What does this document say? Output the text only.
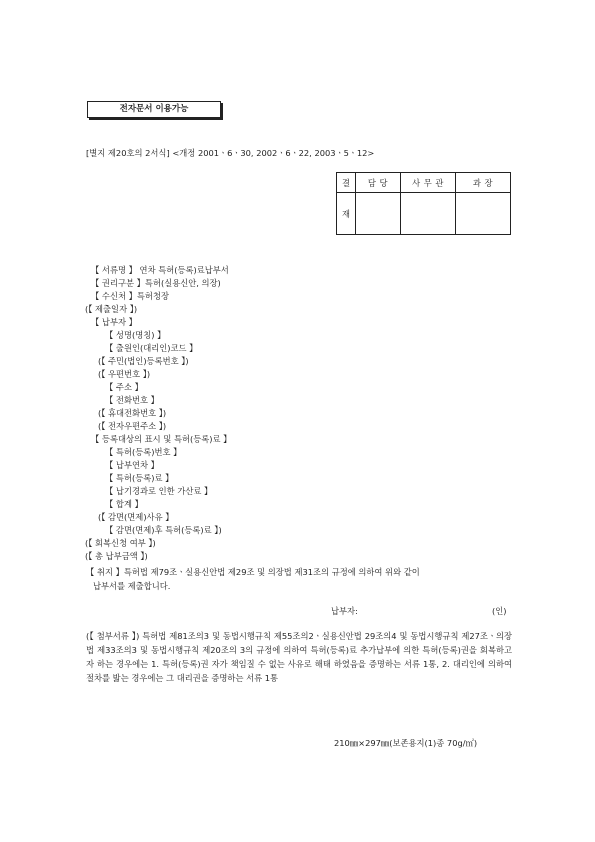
전자문서 이용가능
[별지 제20호의 2서식] <개정 2001ㆍ6ㆍ30, 2002ㆍ6ㆍ22, 2003ㆍ5ㆍ12>
결	담 당	사 무 관	과 장
재			
【 서류명 】 연차 특허(등록)료납부서
【 권리구분 】특허(실용신안, 의장)
【 수신처 】특허청장
(【 제출일자 】)
【 납부자 】
【 성명(명칭) 】
【 출원인(대리인)코드 】
(【 주민(법인)등록번호 】)
(【 우편번호 】)
【 주소 】
【 전화번호 】
(【 휴대전화번호 】)
(【 전자우편주소 】)
【 등록대상의 표시 및 특허(등록)료 】
【 특허(등록)번호 】
【 납부연차 】
【 특허(등록)료 】
【 납기경과로 인한 가산료 】
【 합계 】
(【 감면(면제)사유 】
【 감면(면제)후 특허(등록)료 】)
(【 회복신청 여부 】)
(【 총 납부금액 】)
【 취지 】특허법 제79조ㆍ실용신안법 제29조 및 의장법 제31조의 규정에 의하여 위와 같이
납부서를 제출합니다.
납부자:	(인)
(【 첨부서류 】) 특허법 제81조의3 및 동법시행규칙 제55조의2ㆍ실용신안법 29조의4 및 동법시행규칙 제27조ㆍ의장법 제33조의3 및 동법시행규칙 제20조의 3의 규정에 의하여 특허(등록)료 추가납부에 의한 특허(등록)권을 회복하고자 하는 경우에는 1. 특허(등록)권 자가 책임질 수 없는 사유로 해태 하였음을 증명하는 서류 1통, 2. 대리인에 의하여 절차를 밟는 경우에는 그 대리권을 증명하는 서류 1통
210㎜×297㎜(보존용지(1)종 70g/㎡)
